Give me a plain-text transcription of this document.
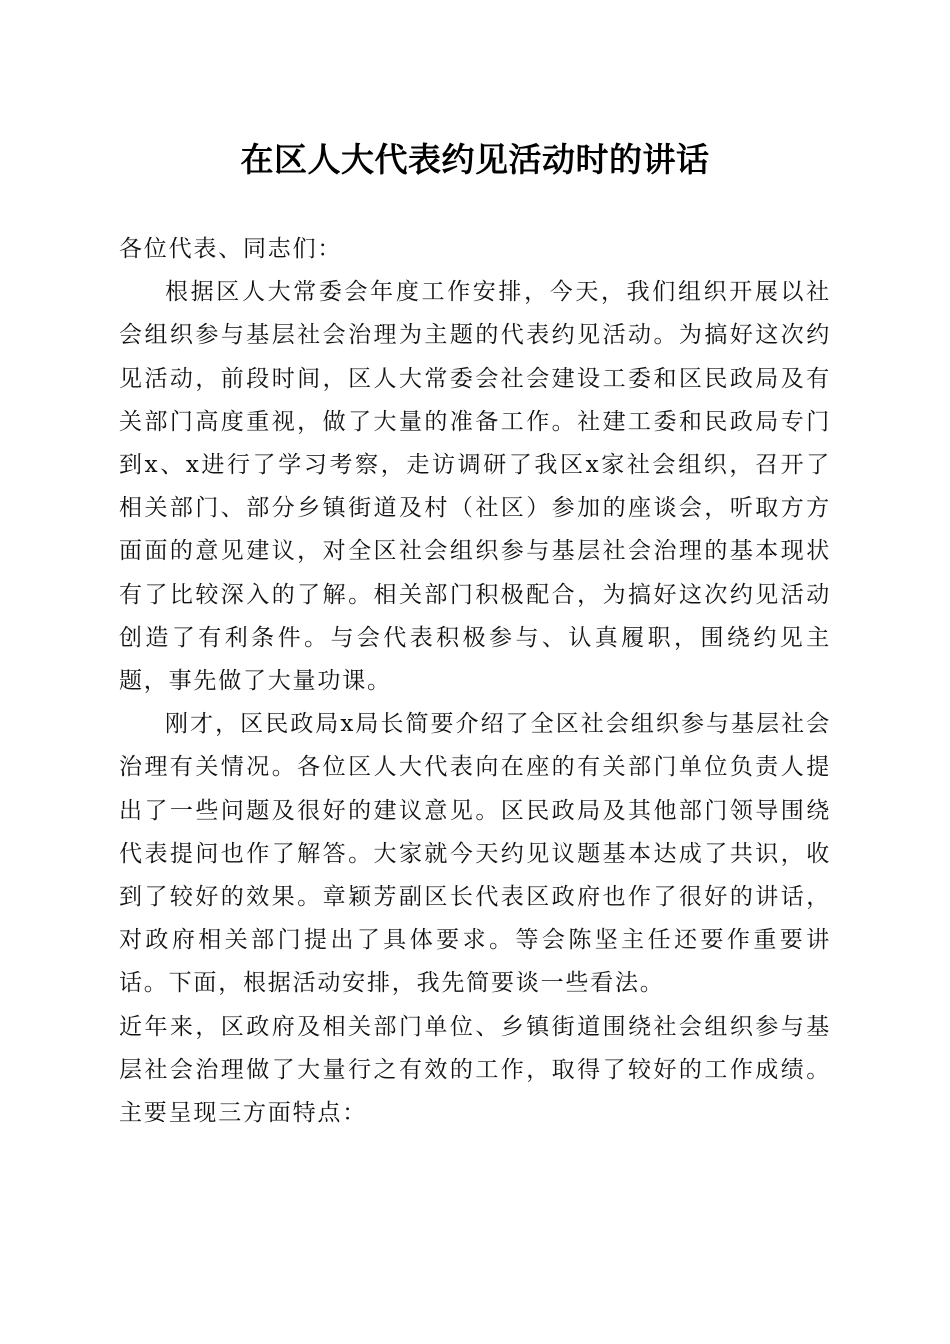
在区人大代表约见活动时的讲话

各位代表、同志们：

根据区人大常委会年度工作安排，今天，我们组织开展以社会组织参与基层社会治理为主题的代表约见活动。为搞好这次约见活动，前段时间，区人大常委会社会建设工委和区民政局及有关部门高度重视，做了大量的准备工作。社建工委和民政局专门到x、x进行了学习考察，走访调研了我区x家社会组织，召开了相关部门、部分乡镇街道及村（社区）参加的座谈会，听取方方面面的意见建议，对全区社会组织参与基层社会治理的基本现状有了比较深入的了解。相关部门积极配合，为搞好这次约见活动创造了有利条件。与会代表积极参与、认真履职，围绕约见主题，事先做了大量功课。

刚才，区民政局x局长简要介绍了全区社会组织参与基层社会治理有关情况。各位区人大代表向在座的有关部门单位负责人提出了一些问题及很好的建议意见。区民政局及其他部门领导围绕代表提问也作了解答。大家就今天约见议题基本达成了共识，收到了较好的效果。章颖芳副区长代表区政府也作了很好的讲话，对政府相关部门提出了具体要求。等会陈坚主任还要作重要讲话。下面，根据活动安排，我先简要谈一些看法。

近年来，区政府及相关部门单位、乡镇街道围绕社会组织参与基层社会治理做了大量行之有效的工作，取得了较好的工作成绩。主要呈现三方面特点：
